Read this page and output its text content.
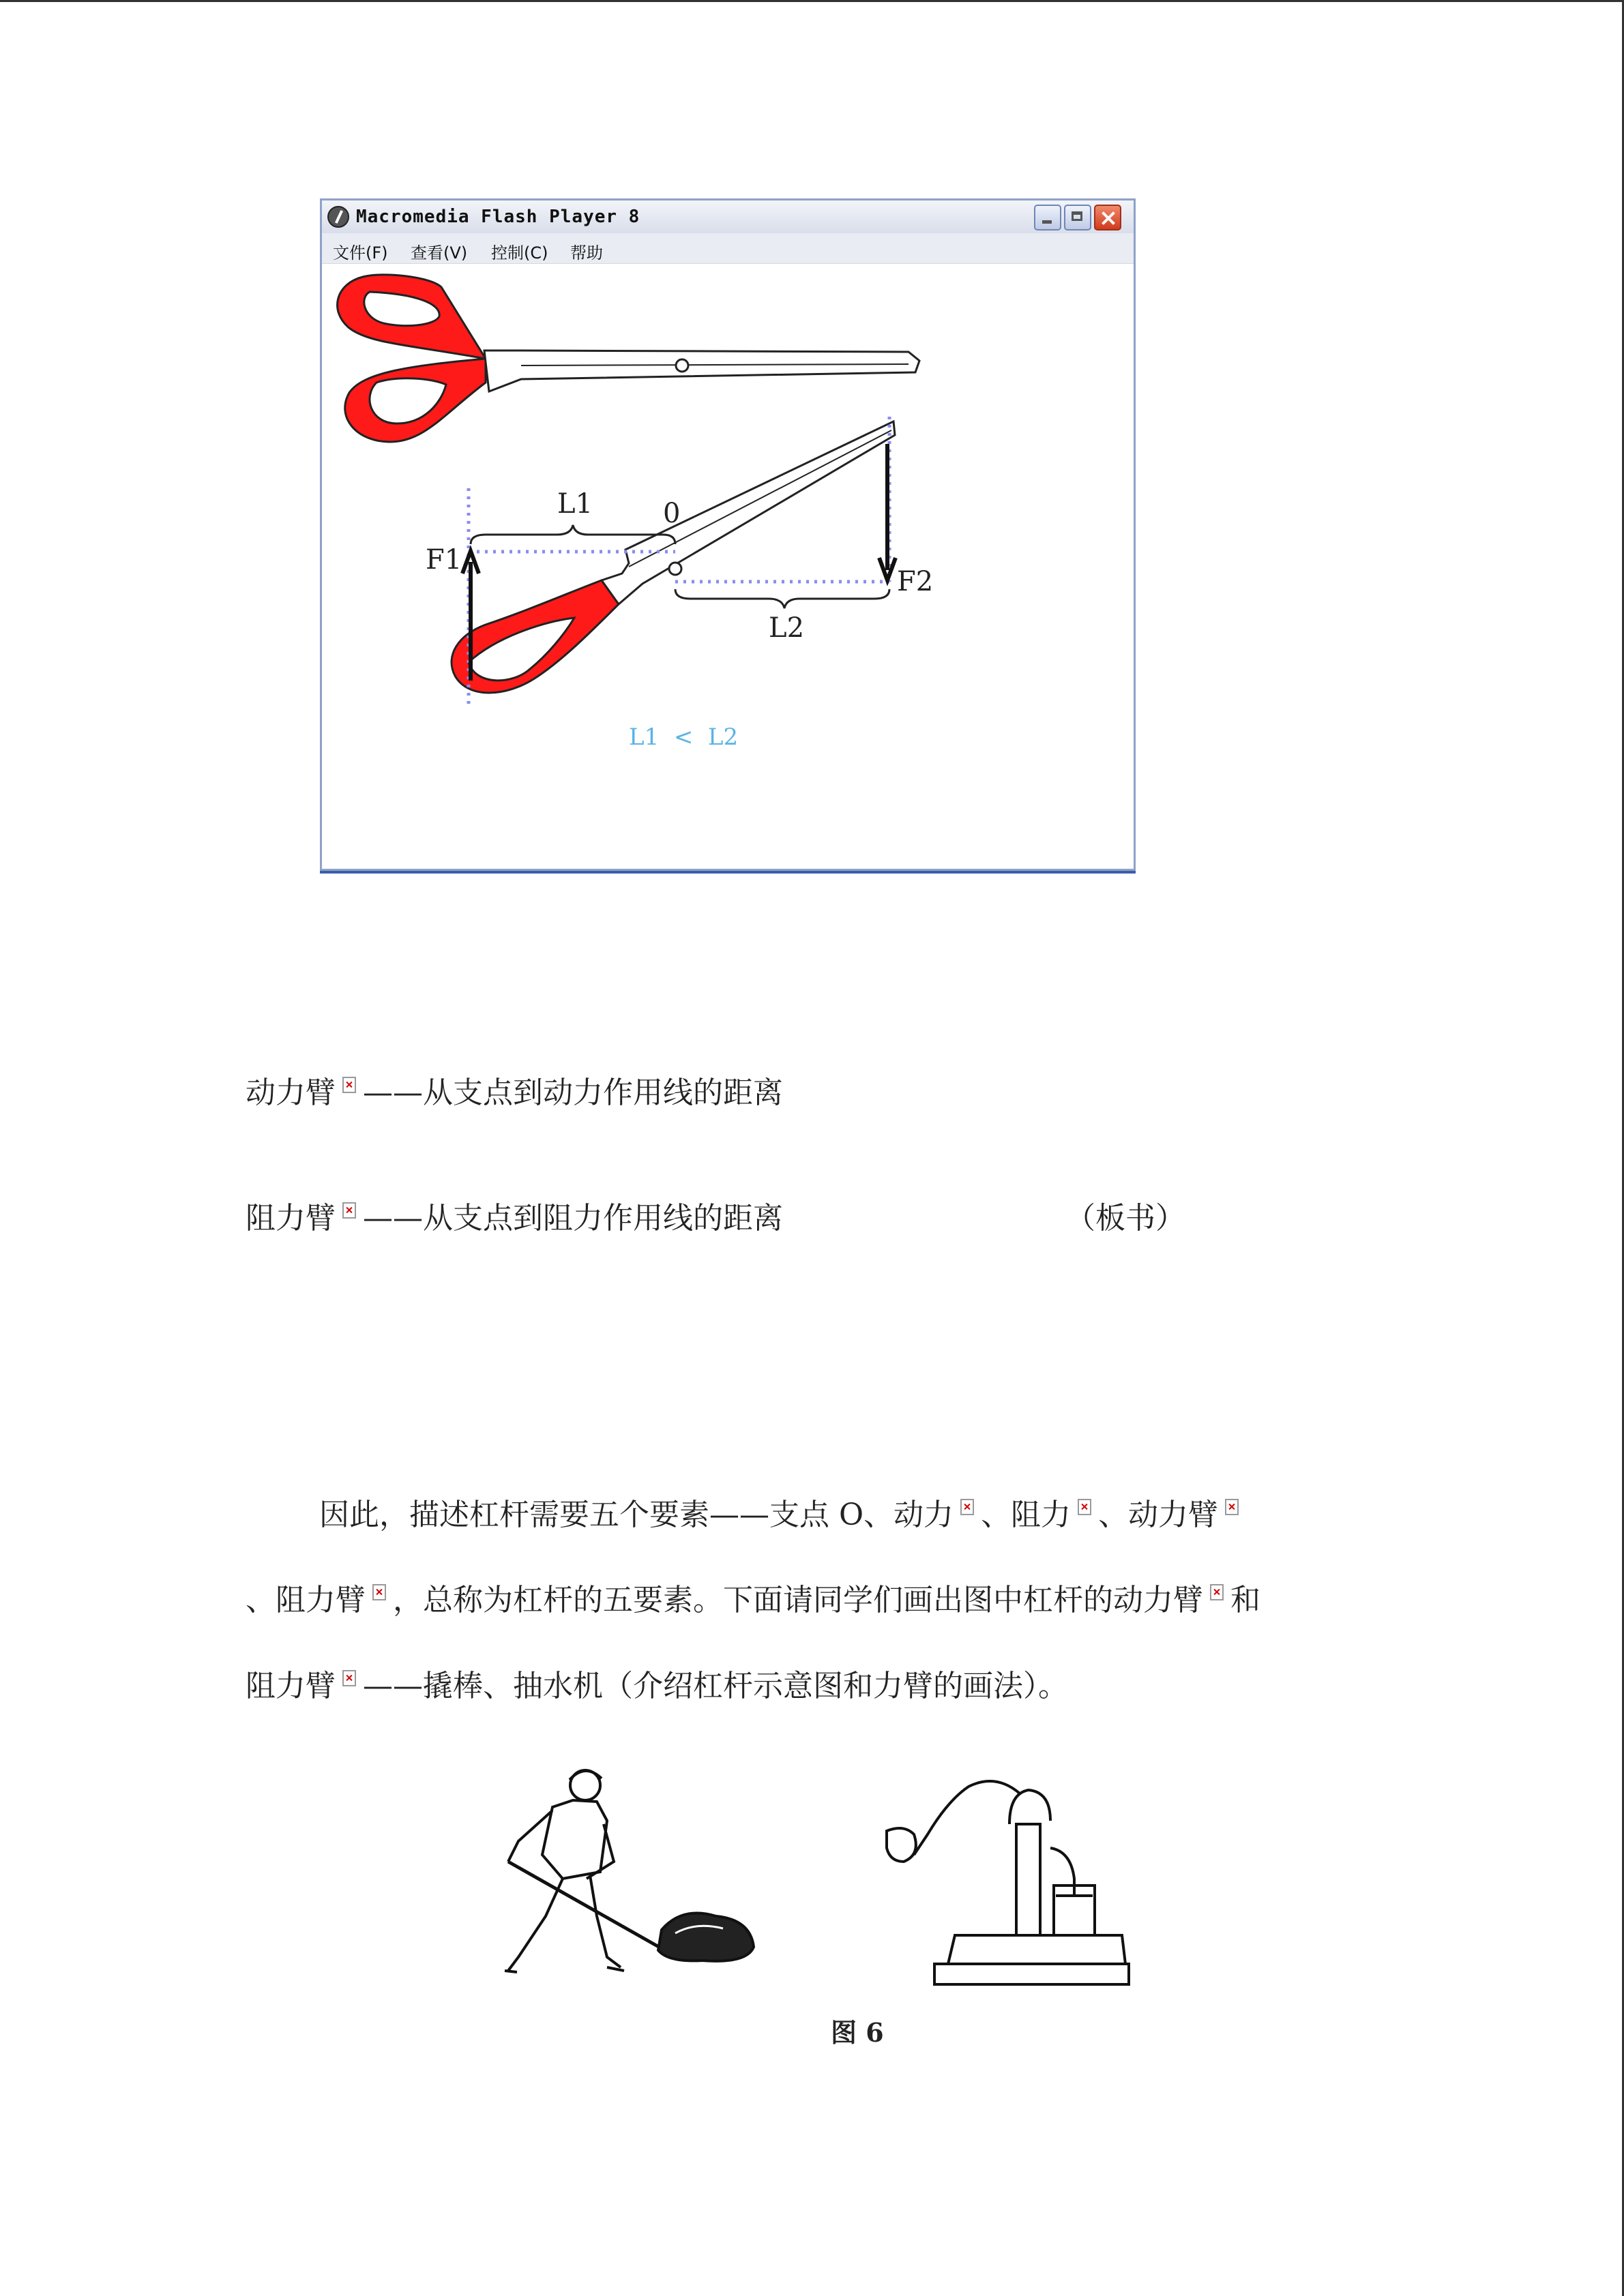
Macromedia Flash Player 8
文件(F) 查看(V) 控制(C) 帮助
L1	0
F1
F2
L2
L1  <  L2
动力臂 ——从支点到动力作用线的距离
阻力臂 ——从支点到阻力作用线的距离	（板书）
因此，描述杠杆需要五个要素——支点 O、动力 、阻力 、动力臂
、阻力臂 ，总称为杠杆的五要素。下面请同学们画出图中杠杆的动力臂 和
阻力臂 ——撬棒、抽水机（介绍杠杆示意图和力臂的画法）。
图 6
